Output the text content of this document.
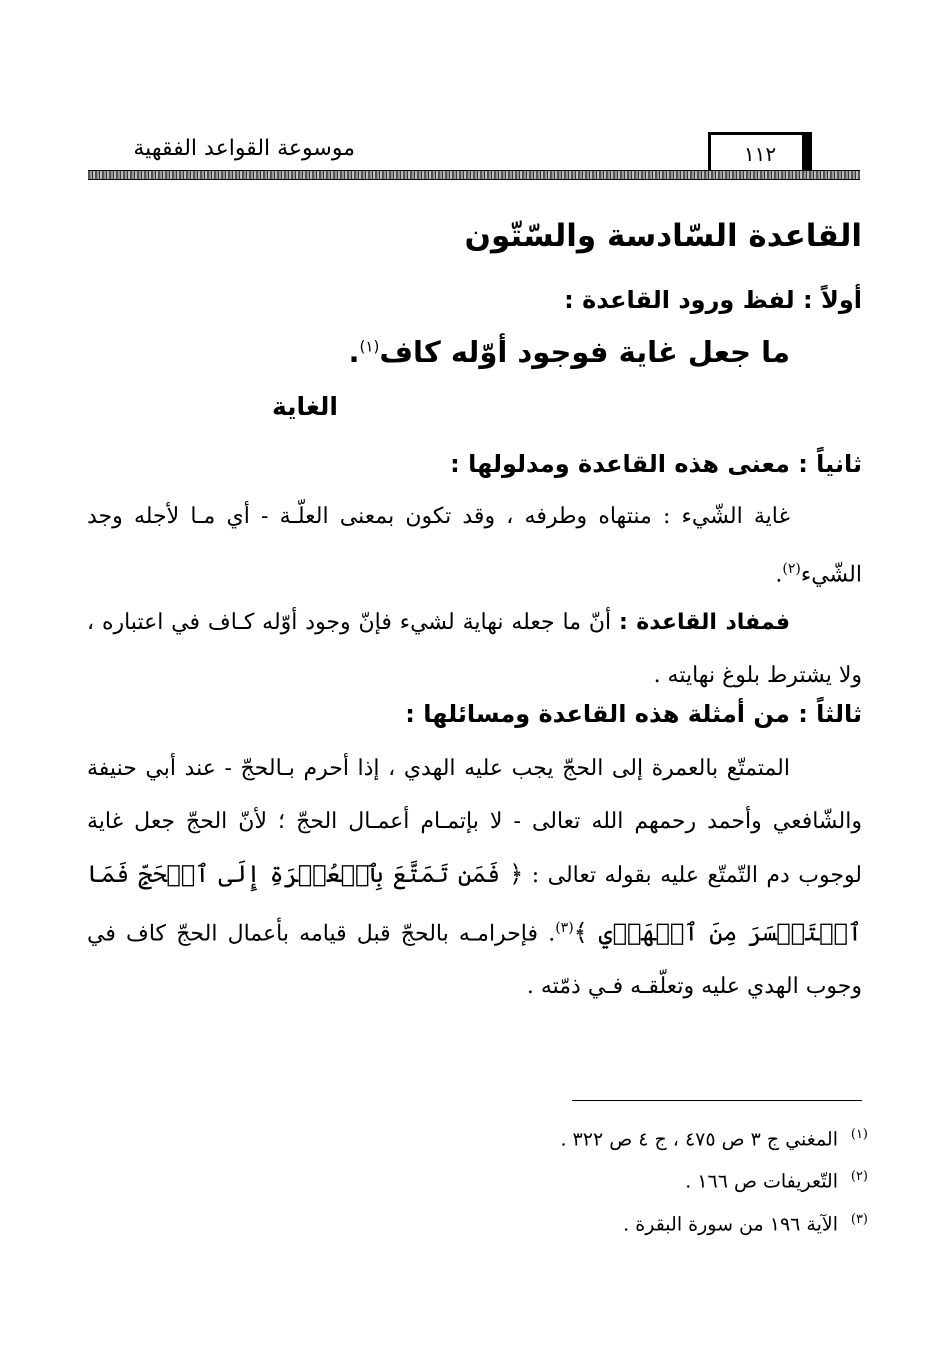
موسوعة القواعد الفقهية	١١٢
القاعدة السّادسة والسّتّون
أولاً : لفظ ورود القاعدة :
ما جعل غاية فوجود أوّله كاف$^{(١)}$.
الغاية
ثانياً : معنى هذه القاعدة ومدلولها :
غاية الشّيء : منتهاه وطرفه ، وقد تكون بمعنى العلّـة - أي مـا لأجله وجد الشّيء$^{(٢)}$.
فمفاد القاعدة : أنّ ما جعله نهاية لشيء فإنّ وجود أوّله كـاف في اعتباره ، ولا يشترط بلوغ نهايته .
ثالثاً : من أمثلة هذه القاعدة ومسائلها :
المتمتّع بالعمرة إلى الحجّ يجب عليه الهدي ، إذا أحرم بـالحجّ - عند أبي حنيفة والشّافعي وأحمد رحمهم الله تعالى - لا بإتمـام أعمـال الحجّ ؛ لأنّ الحجّ جعل غاية لوجوب دم التّمتّع عليه بقوله تعالى : ﴿ فَمَن تَمَتَّعَ بِٱلۡعُمۡرَةِ إِلَى ٱلۡحَجِّ فَمَا ٱسۡتَيۡسَرَ مِنَ ٱلۡهَدۡيِ ﴾$^{(٣)}$. فإحرامـه بالحجّ قبل قيامه بأعمال الحجّ كاف في وجوب الهدي عليه وتعلّقـه فـي ذمّته .
(١)المغني ج ٣ ص ٤٧٥ ، ج ٤ ص ٣٢٢ .
(٢)التّعريفات ص ١٦٦ .
(٣)الآية ١٩٦ من سورة البقرة .
